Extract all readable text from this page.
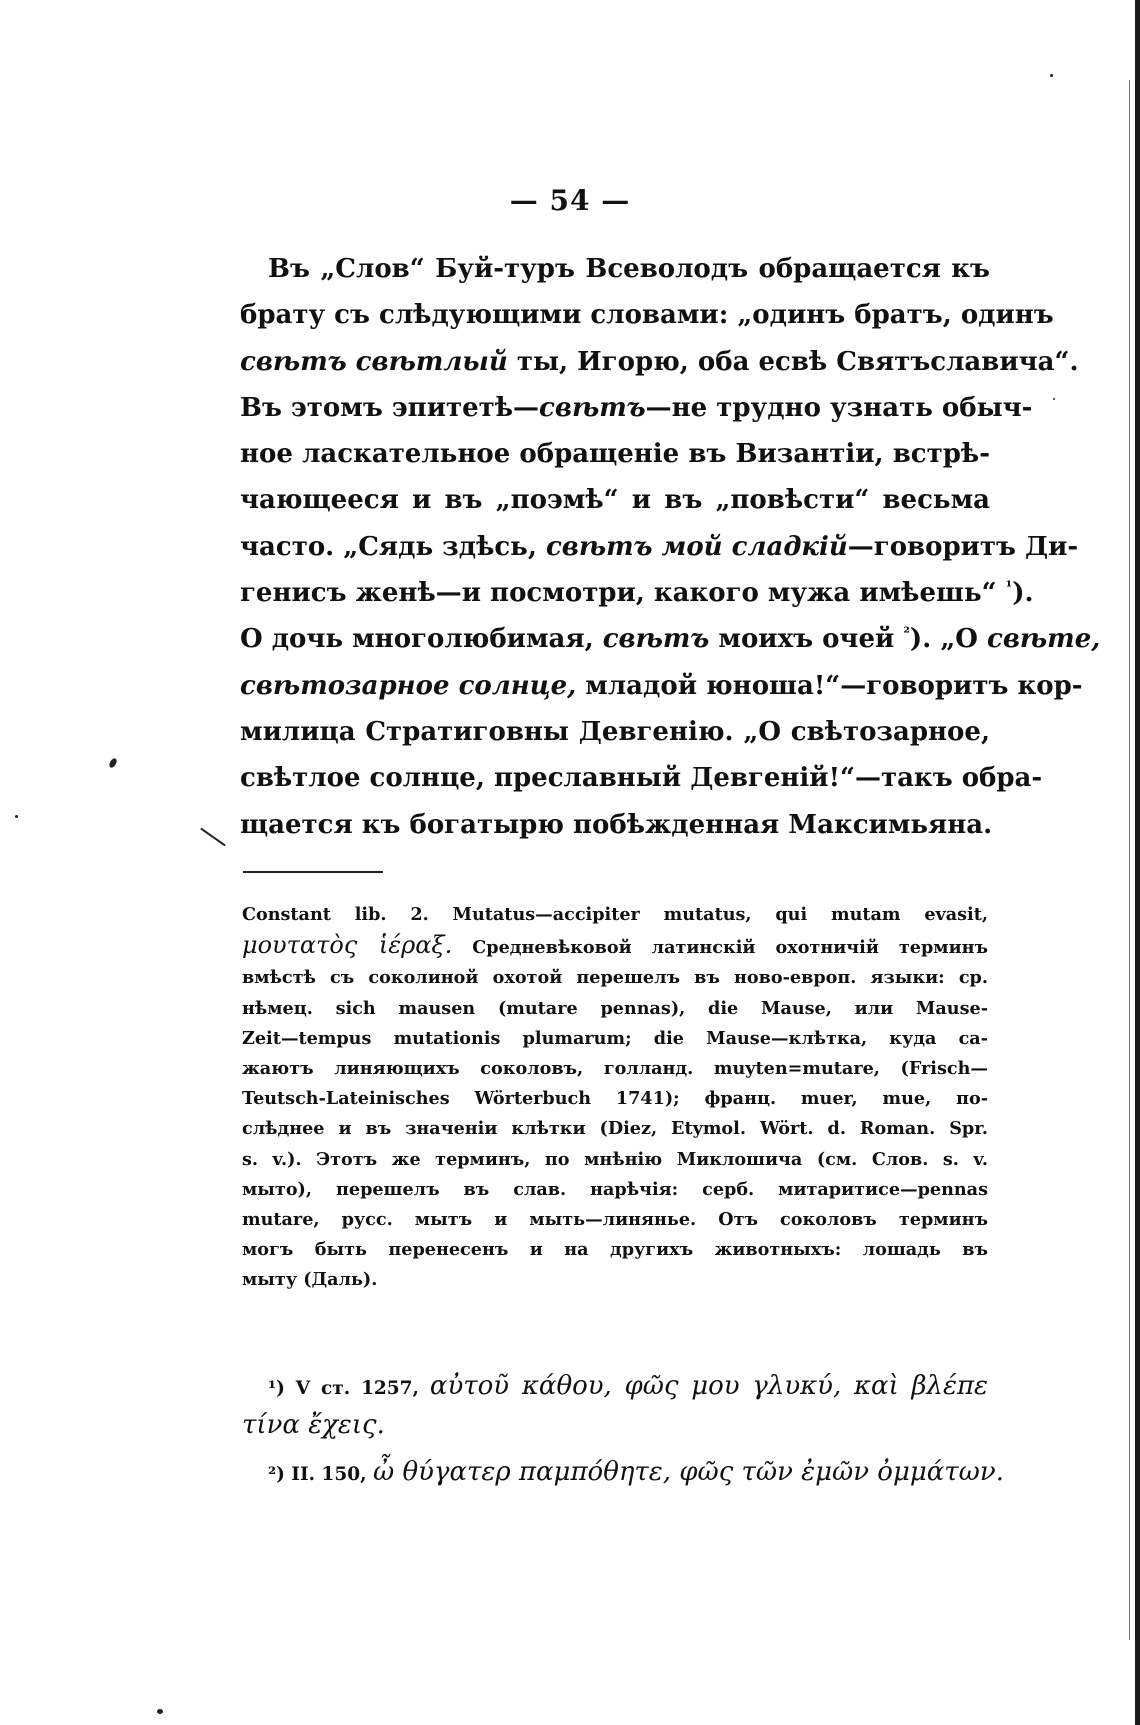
— 54 —
Въ „Слов“ Буй-туръ Всеволодъ обращается къ
брату съ слѣдующими словами: „одинъ братъ, одинъ
свѣтъ свѣтлый ты, Игорю, оба есвѣ Святъславича“.
Въ этомъ эпитетѣ—свѣтъ—не трудно узнать обыч-
ное ласкательное обращеніе въ Византіи, встрѣ-
чающееся и въ „поэмѣ“ и въ „повѣсти“ весьма
часто. „Сядь здѣсь, свѣтъ мой сладкій—говоритъ Ди-
генисъ женѣ—и посмотри, какого мужа имѣешь“ $^{^1}$).
О дочь многолюбимая, свѣтъ моихъ очей $^{^2}$). „О свѣте,
свѣтозарное солнце, младой юноша!“—говоритъ кор-
милица Стратиговны Девгенію. „О свѣтозарное,
свѣтлое солнце, преславный Девгеній!“—такъ обра-
щается къ богатырю побѣжденная Максимьяна.
Constant lib. 2. Mutatus—accipiter mutatus, qui mutam evasit,
μουτατὸς ἱέραξ. Средневѣковой латинскій охотничій терминъ
вмѣстѣ съ соколиной охотой перешелъ въ ново-европ. языки: ср.
нѣмец. sich mausen (mutare pennas), die Mause, или Mause-
Zeit—tempus mutationis plumarum; die Mause—клѣтка, куда са-
жаютъ линяющихъ соколовъ, голланд. muyten=mutare, (Frisch—
Teutsch-Lateinisches Wörterbuch 1741); франц. muer, mue, по-
слѣднее и въ значеніи клѣтки (Diez, Etymol. Wört. d. Roman. Spr.
s. v.). Этотъ же терминъ, по мнѣнію Миклошича (см. Слов. s. v.
мыто), перешелъ въ слав. нарѣчія: серб. митаритисе—pennas
mutare, русс. мытъ и мыть—линянье. Отъ соколовъ терминъ
могъ быть перенесенъ и на другихъ животныхъ: лошадь въ
мыту (Даль).
¹) V ст. 1257, αὐτοῦ κάθου, φῶς μου γλυκύ, καὶ βλέπε
τίνα ἔχεις.
²) II. 150, ὦ θύγατερ παμπόθητε, φῶς τῶν ἐμῶν ὀμμάτων.
